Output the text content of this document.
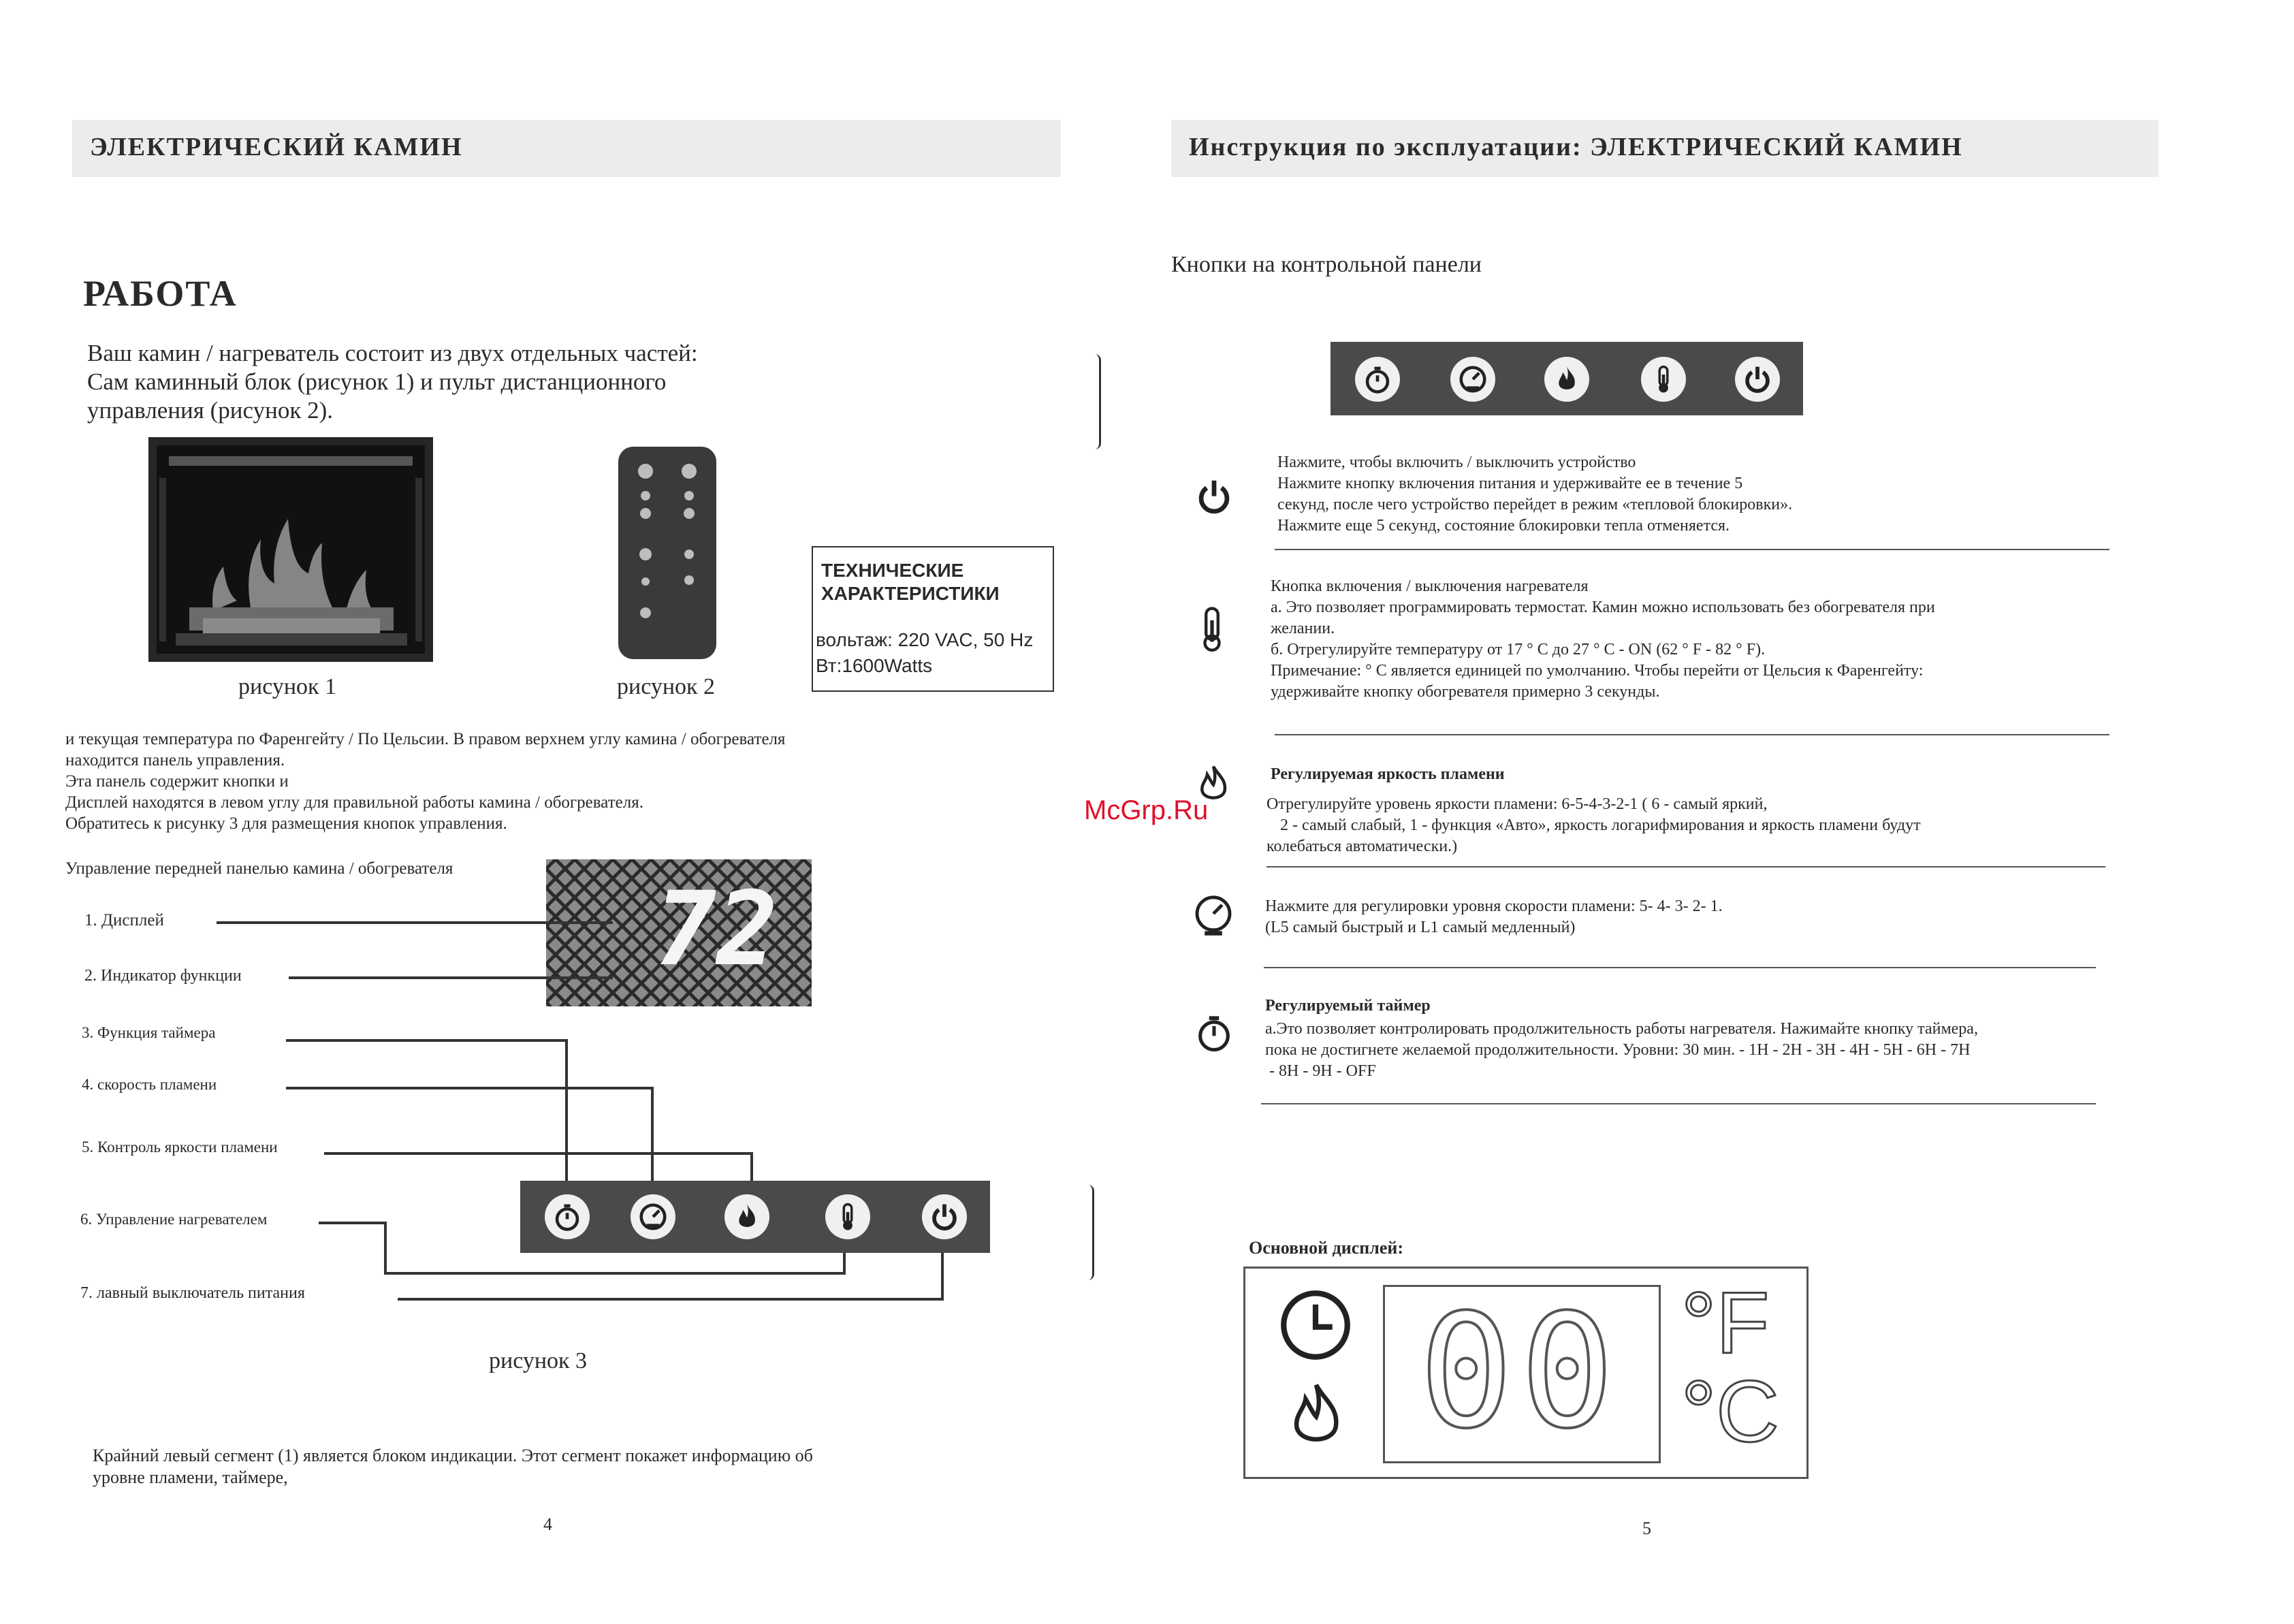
ЭЛЕКТРИЧЕСКИЙ КАМИН
РАБОТА
Ваш камин / нагреватель состоит из двух отдельных частей:
Сам каминный блок (рисунок 1) и пульт дистанционного
управления (рисунок 2).
рисунок 1	рисунок 2
ТЕХНИЧЕСКИЕ
ХАРАКТЕРИСТИКИ
вольтаж: 220 VAC, 50 Hz
Вт:1600Watts
и текущая температура по Фаренгейту / По Цельсии. В правом верхнем углу камина / обогревателя
находится панель управления.
Эта панель содержит кнопки и
Дисплей находятся в левом углу для правильной работы камина / обогревателя.
Обратитесь к рисунку 3 для размещения кнопок управления.
Управление передней панелью камина / обогревателя
72
1. Дисплей
2. Индикатор функции
3. Функция таймера
4. скорость пламени
5. Контроль яркости пламени
6. Управление нагревателем
7. лавный выключатель питания
рисунок 3
Крайний левый сегмент (1) является блоком индикации. Этот сегмент покажет информацию об
уровне пламени, таймере,
4
McGrp.Ru
Инструкция по эксплуатации: ЭЛЕКТРИЧЕСКИЙ КАМИН
Кнопки на контрольной панели
Нажмите, чтобы включить / выключить устройство
Нажмите кнопку включения питания и удерживайте ее в течение 5
секунд, после чего устройство перейдет в режим «тепловой блокировки».
Нажмите еще 5 секунд, состояние блокировки тепла отменяется.
Кнопка включения / выключения нагревателя
а. Это позволяет программировать термостат. Камин можно использовать без обогревателя при
желании.
б. Отрегулируйте температуру от 17 ° C до 27 ° C - ON (62 ° F - 82 ° F).
Примечание: ° C является единицей по умолчанию. Чтобы перейти от Цельсия к Фаренгейту:
удерживайте кнопку обогревателя примерно 3 секунды.
Регулируемая яркость пламени
Отрегулируйте уровень яркости пламени: 6-5-4-3-2-1 ( 6 - самый яркий,
2 - самый слабый, 1 - функция «Авто», яркость логарифмирования и яркость пламени будут
колебаться автоматически.)
Нажмите для регулировки уровня скорости пламени: 5- 4- 3- 2- 1.
(L5 самый быстрый и L1 самый медленный)
Регулируемый таймер
а.Это позволяет контролировать продолжительность работы нагревателя. Нажимайте кнопку таймера,
пока не достигнете желаемой продолжительности. Уровни: 30 мин. - 1H - 2H - 3H - 4H - 5H - 6H - 7H
- 8H - 9H - OFF
Основной дисплей:
00 °F
°C
5
